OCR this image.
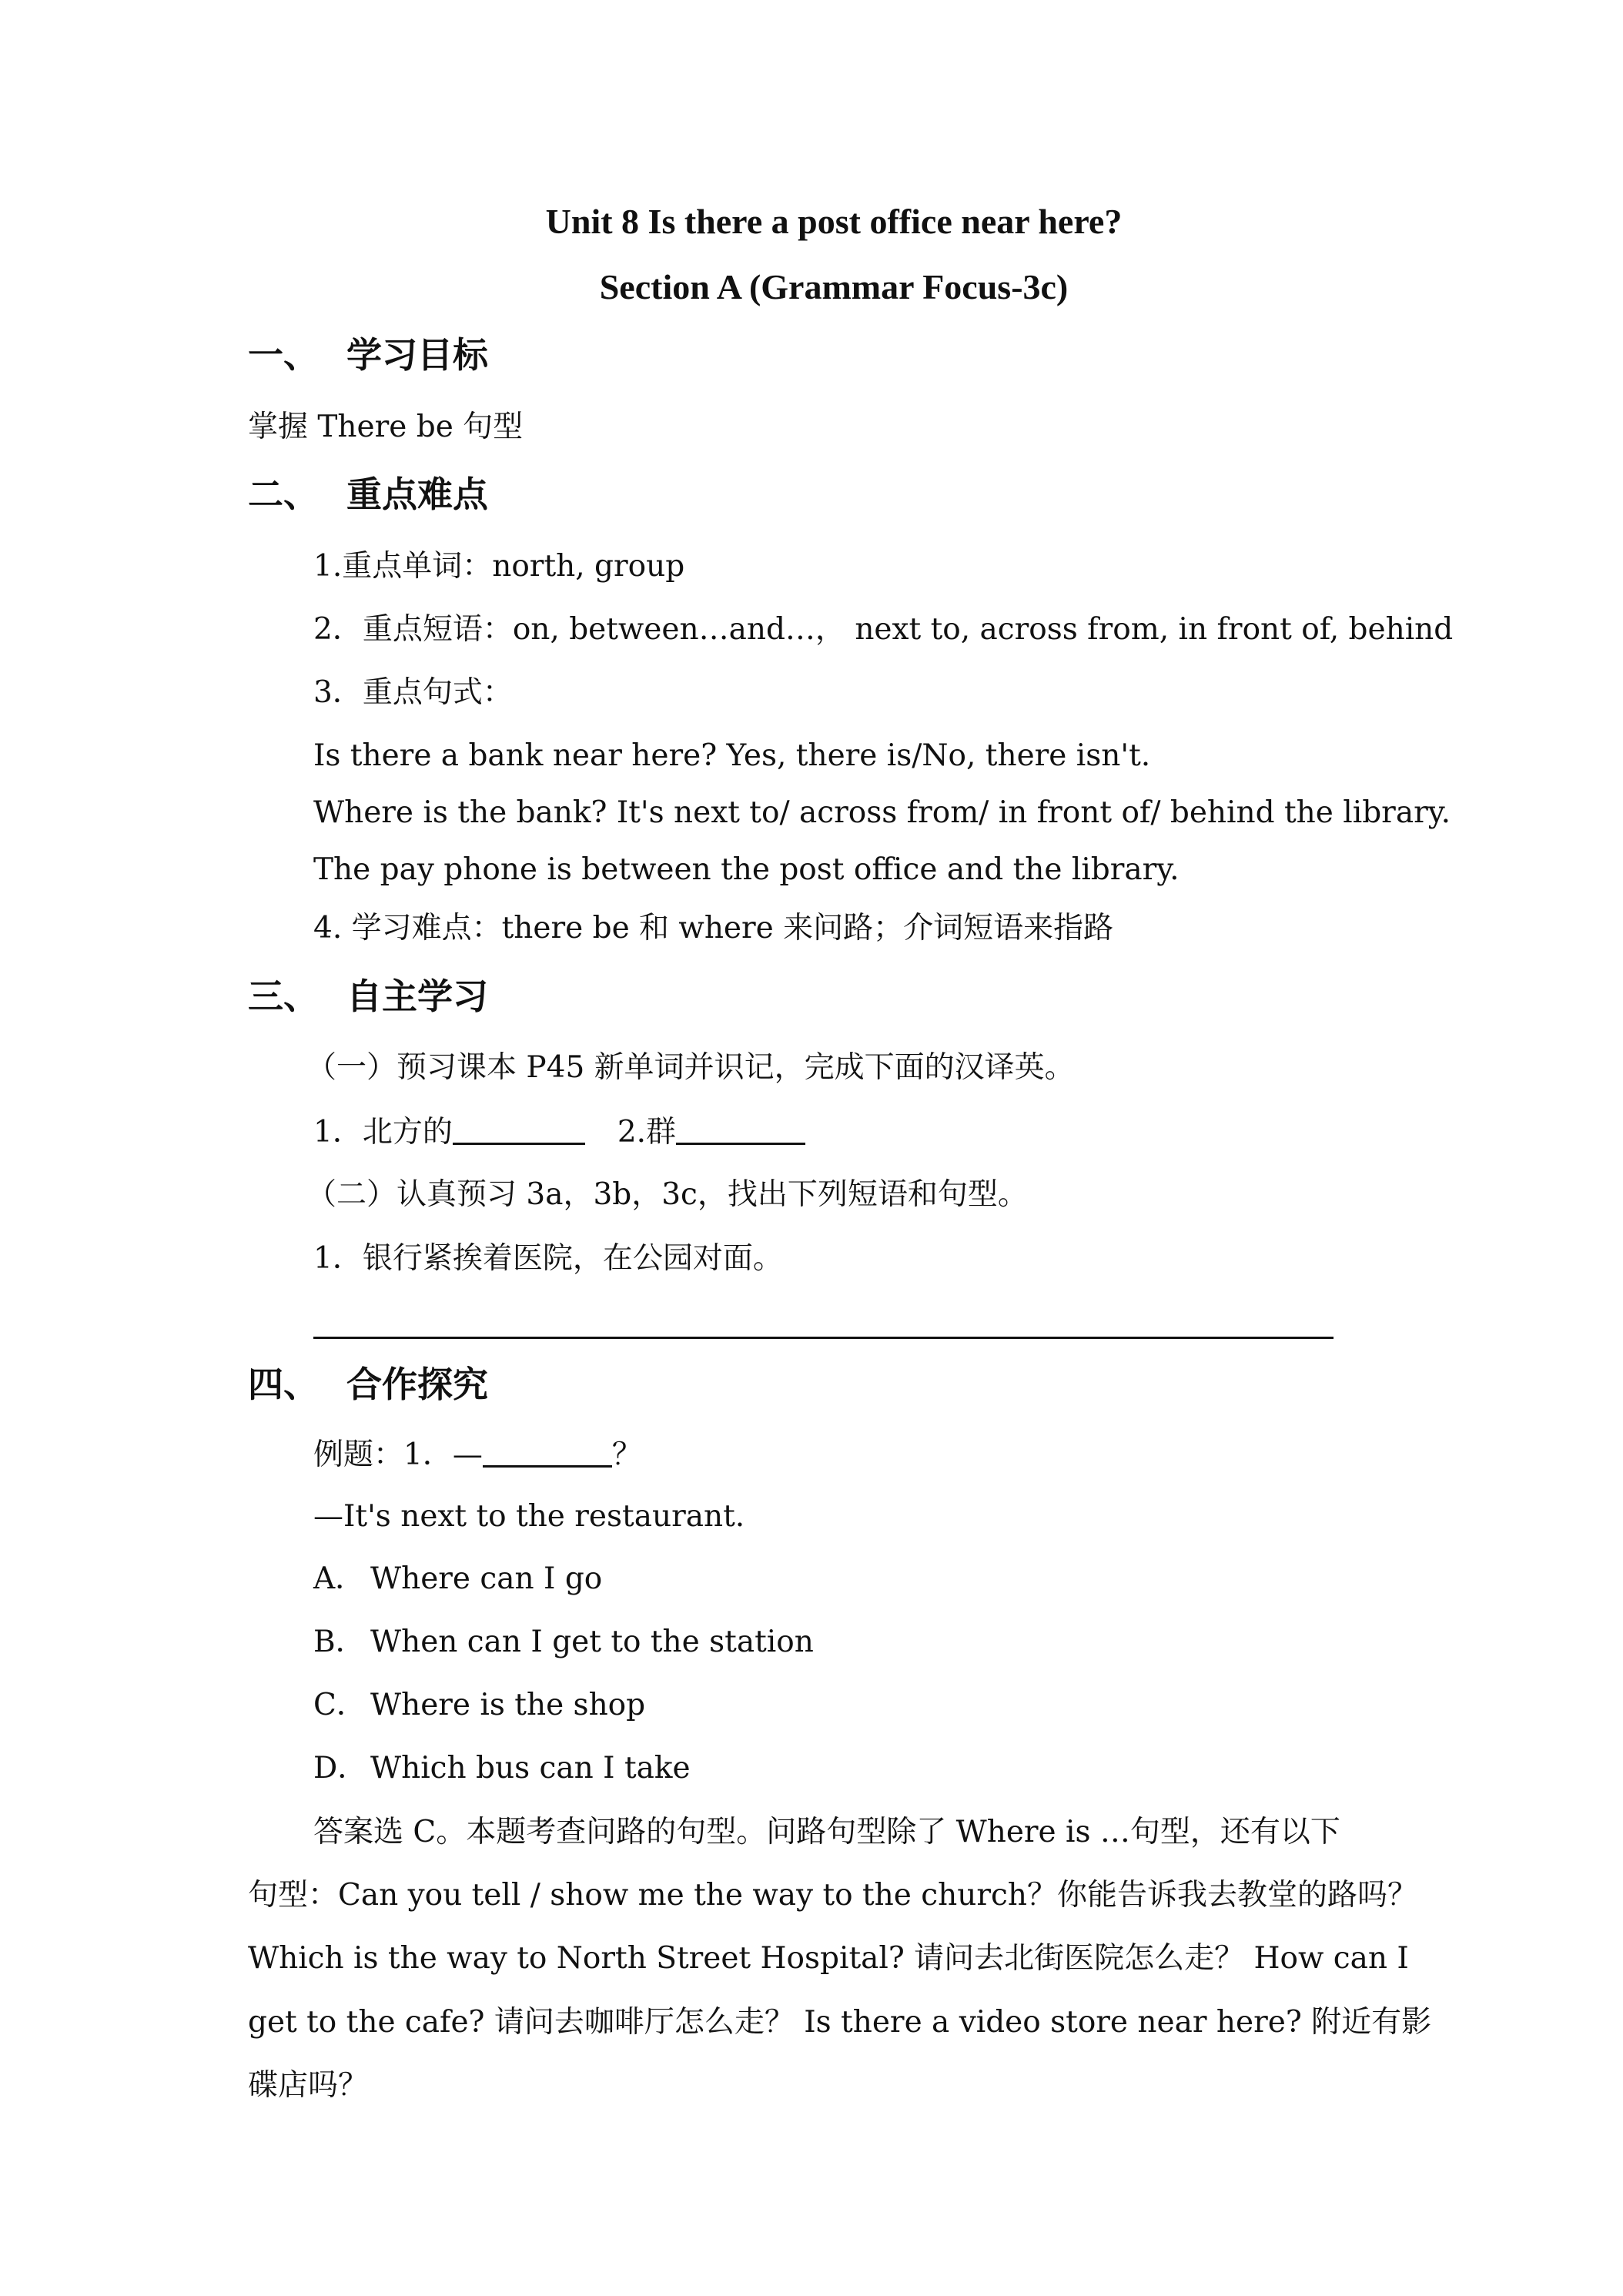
Unit 8 Is there a post office near here?
Section A (Grammar Focus-3c)
一、 学习目标
掌握 There be 句型
二、 重点难点
1.重点单词：north, group
2．重点短语：on, between…and…， next to, across from, in front of, behind
3．重点句式：
Is there a bank near here? Yes, there is/No, there isn't.
Where is the bank? It's next to/ across from/ in front of/ behind the library.
The pay phone is between the post office and the library.
4. 学习难点：there be 和 where 来问路；介词短语来指路
三、 自主学习
（一）预习课本 P45 新单词并识记，完成下面的汉译英。
1．北方的	2.群
（二）认真预习 3a，3b，3c，找出下列短语和句型。
1．银行紧挨着医院，在公园对面。
四、 合作探究
例题：1．—	？
—It's next to the restaurant.
A． Where can I go
B． When can I get to the station
C． Where is the shop
D．Which bus can I take
答案选 C。本题考查问路的句型。问路句型除了 Where is …句型，还有以下
句型：Can you tell / show me the way to the church？你能告诉我去教堂的路吗？
Which is the way to North Street Hospital? 请问去北街医院怎么走？ How can I
get to the cafe? 请问去咖啡厅怎么走？ Is there a video store near here? 附近有影
碟店吗？
